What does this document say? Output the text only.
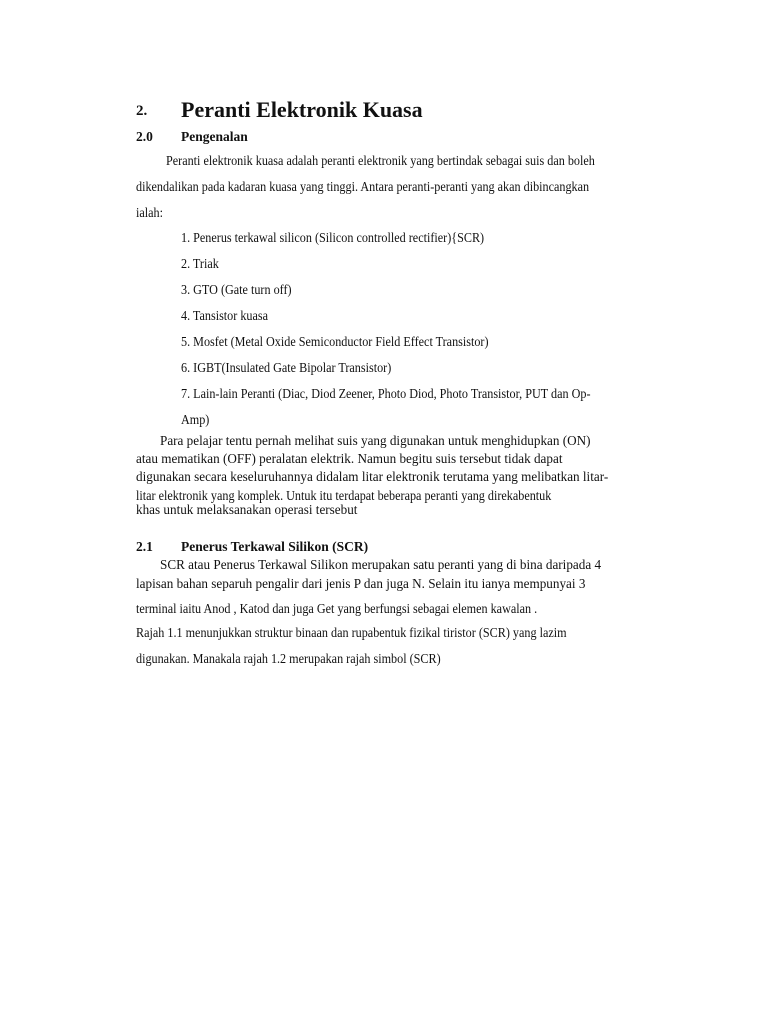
2. Peranti Elektronik Kuasa
2.0 Pengenalan
Peranti elektronik kuasa adalah peranti elektronik yang bertindak sebagai suis dan boleh
dikendalikan pada kadaran kuasa yang tinggi. Antara peranti-peranti yang akan dibincangkan
ialah:
1. Penerus terkawal silicon (Silicon controlled rectifier){SCR)
2. Triak
3. GTO (Gate turn off)
4. Tansistor kuasa
5. Mosfet (Metal Oxide Semiconductor Field Effect Transistor)
6. IGBT(Insulated Gate Bipolar Transistor)
7. Lain-lain Peranti (Diac, Diod Zeener, Photo Diod, Photo Transistor, PUT dan Op-
Amp)
Para pelajar tentu pernah melihat suis yang digunakan untuk menghidupkan (ON)
atau mematikan (OFF) peralatan elektrik. Namun begitu suis tersebut tidak dapat
digunakan secara keseluruhannya didalam litar elektronik terutama yang melibatkan litar-
litar elektronik yang komplek. Untuk itu terdapat beberapa peranti yang direkabentuk
khas untuk melaksanakan operasi tersebut
2.1 Penerus Terkawal Silikon (SCR)
SCR atau Penerus Terkawal Silikon merupakan satu peranti yang di bina daripada 4
lapisan bahan separuh pengalir dari jenis P dan juga N. Selain itu ianya mempunyai 3
terminal iaitu Anod , Katod dan juga Get yang berfungsi sebagai elemen kawalan .
Rajah 1.1 menunjukkan struktur binaan dan rupabentuk fizikal tiristor (SCR) yang lazim
digunakan. Manakala rajah 1.2 merupakan rajah simbol (SCR)
